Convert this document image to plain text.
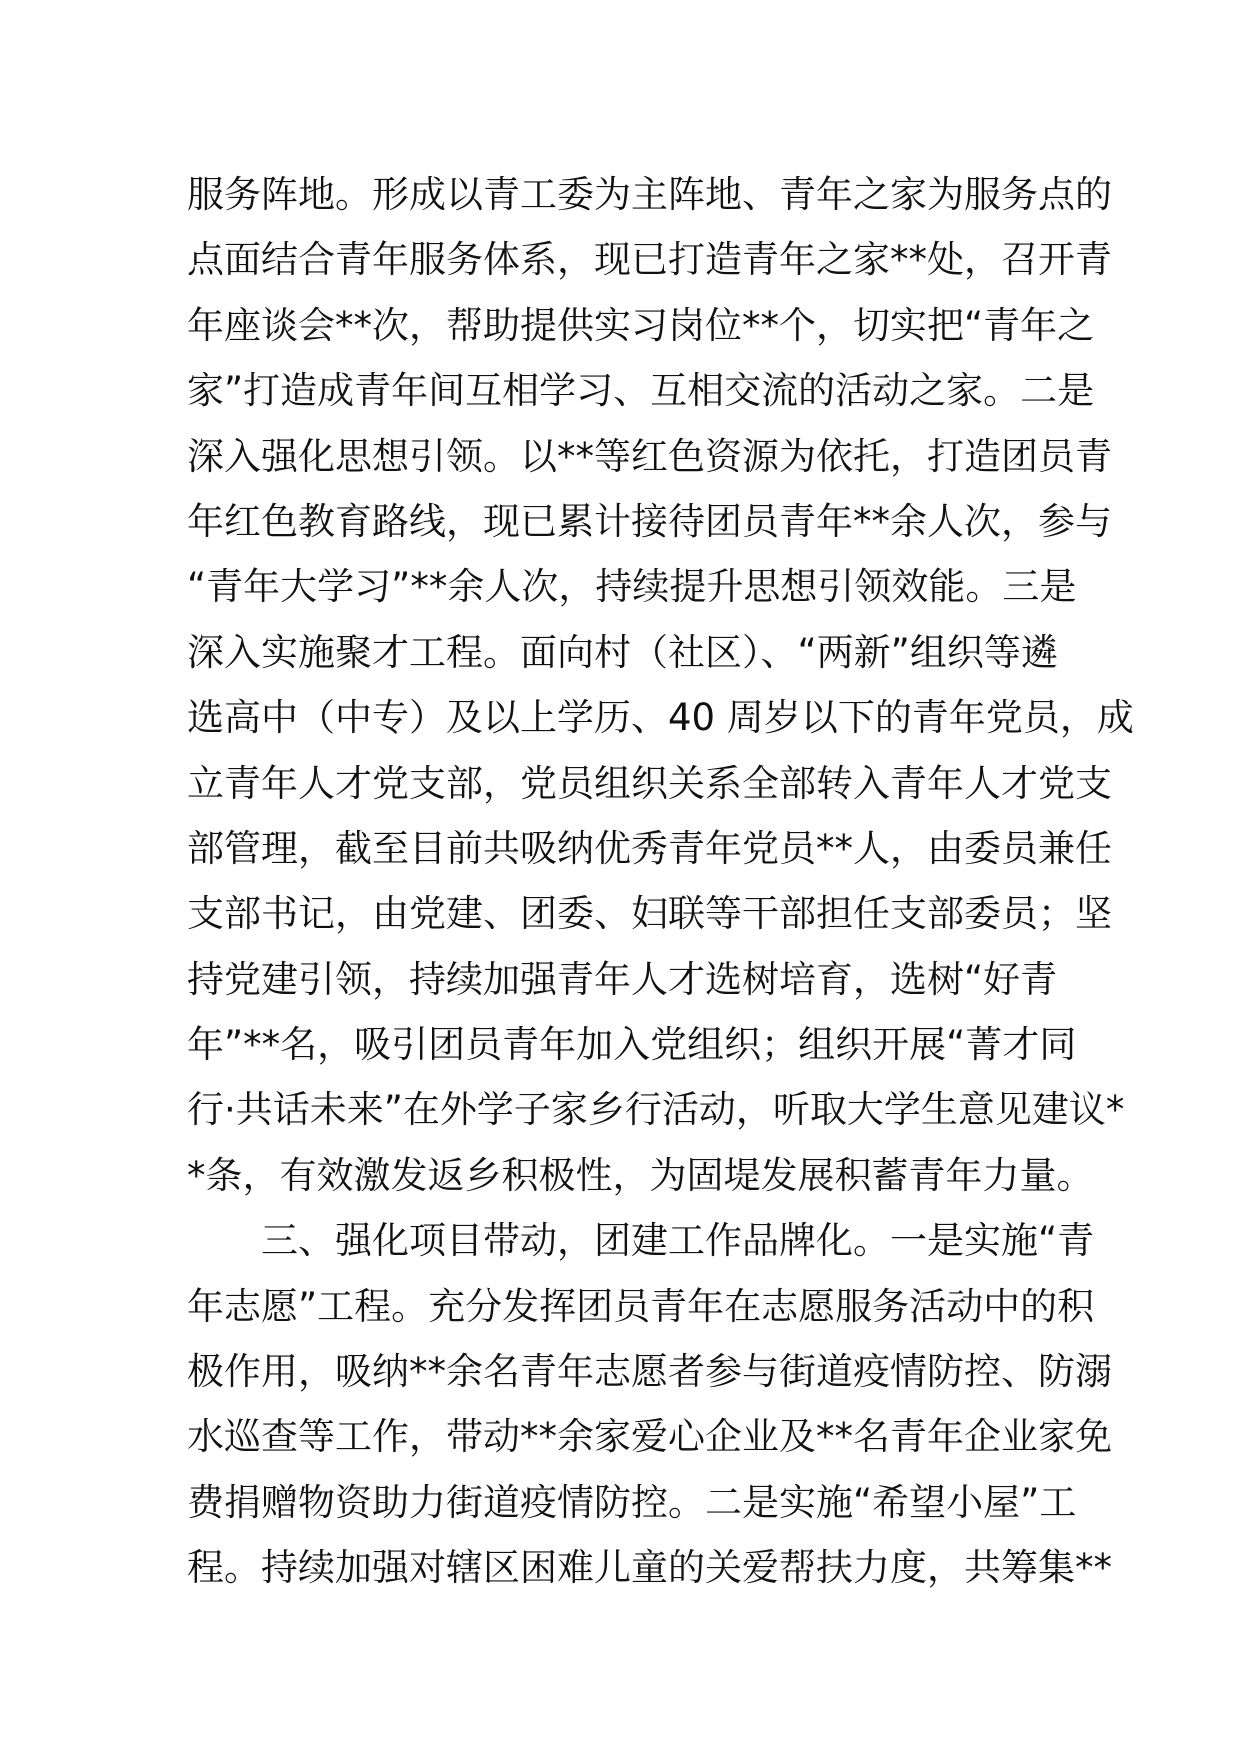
服务阵地。形成以青工委为主阵地、青年之家为服务点的
点面结合青年服务体系，现已打造青年之家**处，召开青
年座谈会**次，帮助提供实习岗位**个，切实把“青年之
家”打造成青年间互相学习、互相交流的活动之家。二是
深入强化思想引领。以**等红色资源为依托，打造团员青
年红色教育路线，现已累计接待团员青年**余人次，参与
“青年大学习”**余人次，持续提升思想引领效能。三是
深入实施聚才工程。面向村（社区）、“两新”组织等遴
选高中（中专）及以上学历、40 周岁以下的青年党员，成
立青年人才党支部，党员组织关系全部转入青年人才党支
部管理，截至目前共吸纳优秀青年党员**人，由委员兼任
支部书记，由党建、团委、妇联等干部担任支部委员；坚
持党建引领，持续加强青年人才选树培育，选树“好青
年”**名，吸引团员青年加入党组织；组织开展“菁才同
行·共话未来”在外学子家乡行活动，听取大学生意见建议*
*条，有效激发返乡积极性，为固堤发展积蓄青年力量。
　　三、强化项目带动，团建工作品牌化。一是实施“青
年志愿”工程。充分发挥团员青年在志愿服务活动中的积
极作用，吸纳**余名青年志愿者参与街道疫情防控、防溺
水巡查等工作，带动**余家爱心企业及**名青年企业家免
费捐赠物资助力街道疫情防控。二是实施“希望小屋”工
程。持续加强对辖区困难儿童的关爱帮扶力度，共筹集**
